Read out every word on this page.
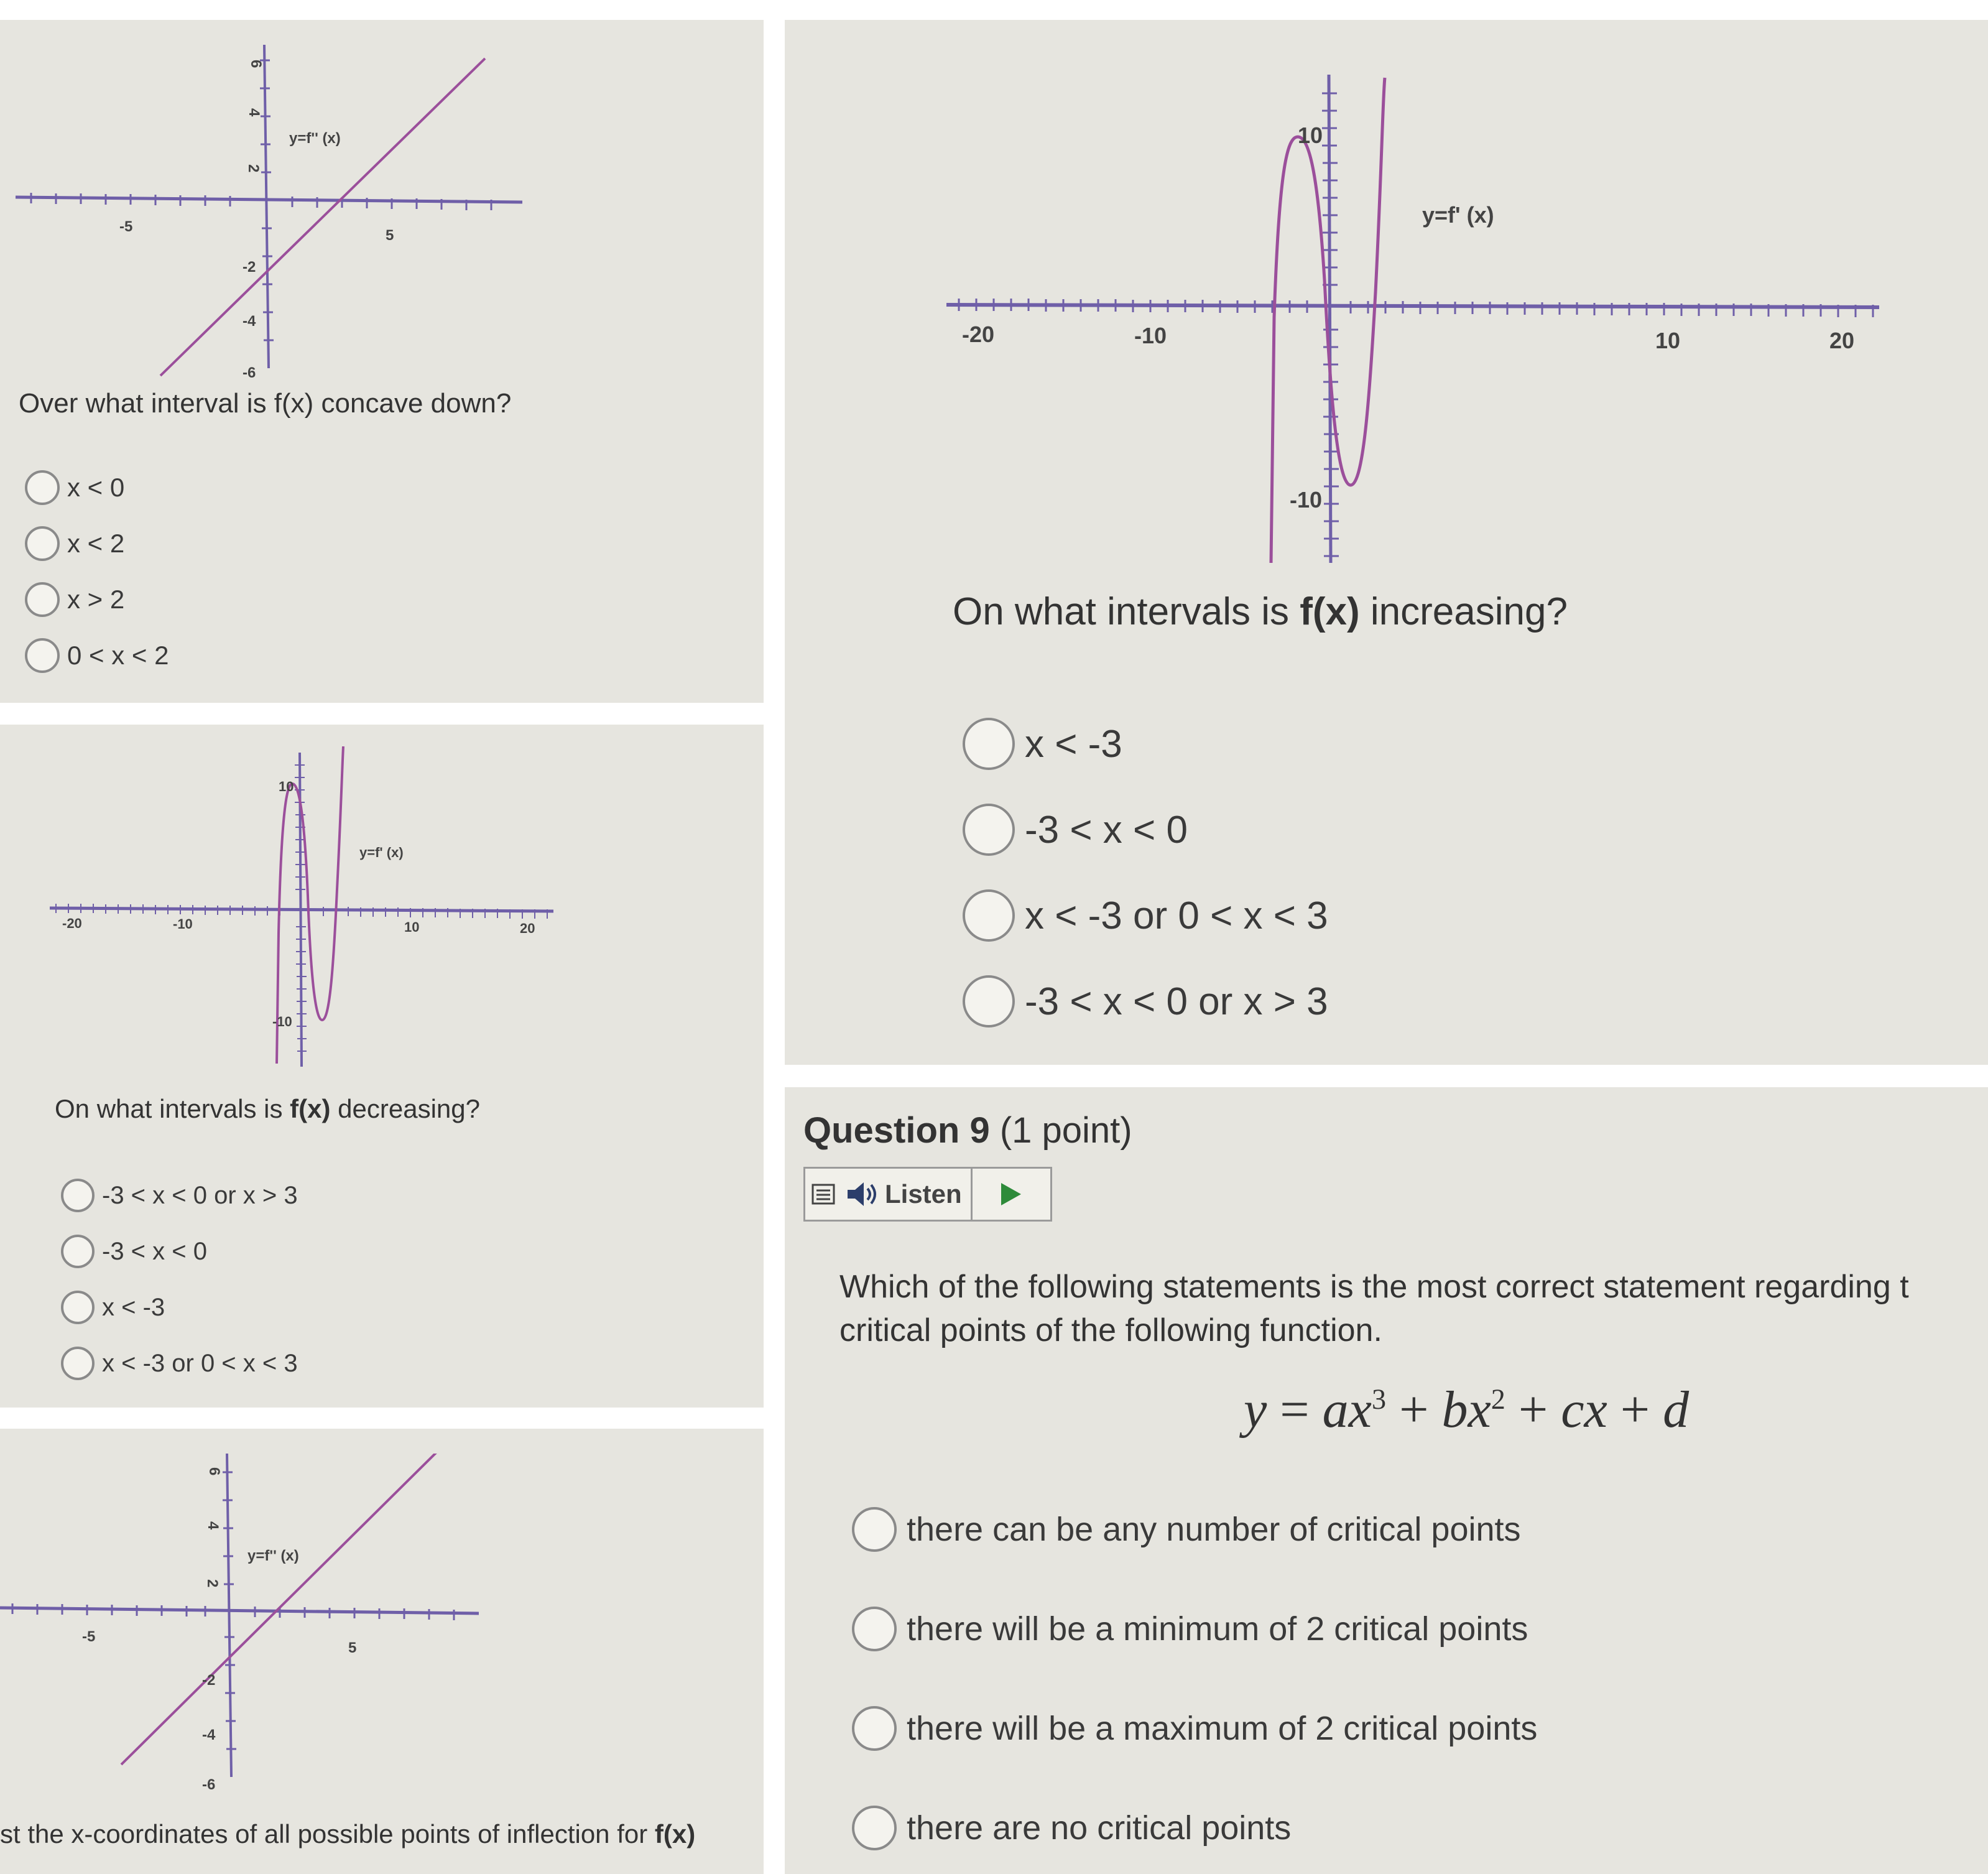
-5
5
6
4
2
-2
-4
-6
y=f'' (x)
Over what interval is f(x) concave down?
x < 0
x < 2
x > 2
0 < x < 2
-20	-10	10	20
10
-10
y=f' (x)
On what intervals is f(x) decreasing?
-3 < x < 0 or x > 3
-3 < x < 0
x < -3
x < -3 or 0 < x < 3
-5
5
6
4
2
-2
-4
-6
y=f'' (x)
st the x-coordinates of all possible points of inflection for f(x)
-20	-10	10	20
10
-10
y=f' (x)
On what intervals is f(x) increasing?
x < -3
-3 < x < 0
x < -3 or 0 < x < 3
-3 < x < 0 or x > 3
Question 9 (1 point)
Listen
Which of the following statements is the most correct statement regarding t
critical points of the following function.
$y = ax^3 + bx^2$ + cx + d
there can be any number of critical points
there will be a minimum of 2 critical points
there will be a maximum of 2 critical points
there are no critical points
